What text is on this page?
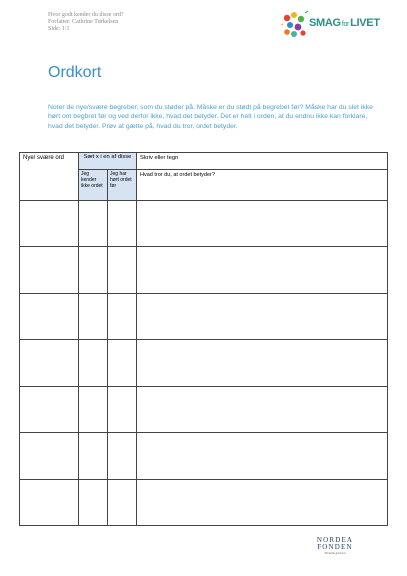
Hvor godt kender du disse ord?
Forfatter: Cathrine Tørkelsen
Side: 1/1	SMAGforLIVET
Ordkort
Noter de nye/svære begreber, som du støder på. Måske er du stødt på begrebet før? Måske har du slet ikke hørt om begbret før og ved derfor ikke, hvad det betyder. Det er helt i orden, at du endnu ikke kan forklare, hvad det betyder. Prøv at gætte på, hvad du tror, ordet betyder.
Nye/ svære ord	Sæt x i en af disse		Skriv eller tegn
	Jeg kender ikke ordet	Jeg har hørt ordet før	Hvad tror du, at ordet betyder?

NORDEA
FONDEN
Til støtte gavn for
